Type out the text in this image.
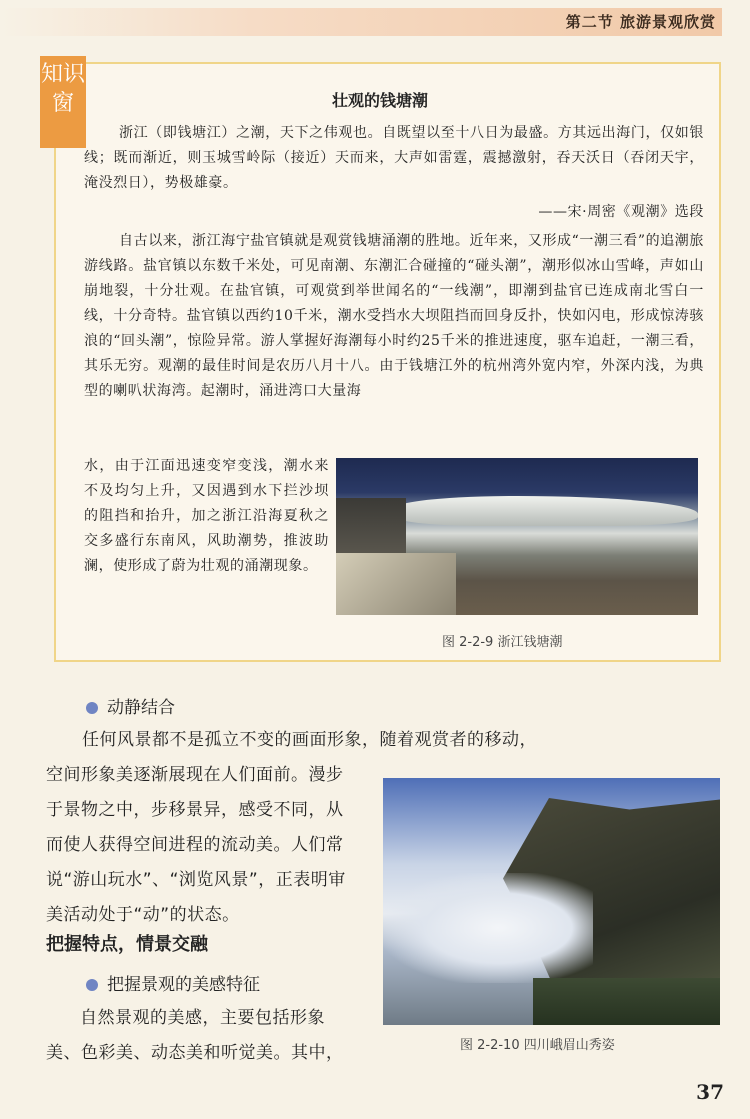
第二节 旅游景观欣赏
知识窗	壮观的钱塘潮
浙江（即钱塘江）之潮，天下之伟观也。自既望以至十八日为最盛。方其远出海门，仅如银线；既而渐近，则玉城雪岭际（接近）天而来，大声如雷霆，震撼激射，吞天沃日（吞闭天宇，淹没烈日），势极雄豪。
——宋·周密《观潮》选段
自古以来，浙江海宁盐官镇就是观赏钱塘涌潮的胜地。近年来，又形成“一潮三看”的追潮旅游线路。盐官镇以东数千米处，可见南潮、东潮汇合碰撞的“碰头潮”，潮形似冰山雪峰，声如山崩地裂，十分壮观。在盐官镇，可观赏到举世闻名的“一线潮”，即潮到盐官已连成南北雪白一线，十分奇特。盐官镇以西约10千米，潮水受挡水大坝阻挡而回身反扑，快如闪电，形成惊涛骇浪的“回头潮”，惊险异常。游人掌握好海潮每小时约25千米的推进速度，驱车追赶，一潮三看，其乐无穷。观潮的最佳时间是农历八月十八。由于钱塘江外的杭州湾外宽内窄，外深内浅，为典型的喇叭状海湾。起潮时，涌进湾口大量海
水，由于江面迅速变窄变浅，潮水来不及均匀上升，又因遇到水下拦沙坝的阻挡和抬升，加之浙江沿海夏秋之交多盛行东南风，风助潮势，推波助澜，使形成了蔚为壮观的涌潮现象。
图 2-2-9 浙江钱塘潮
动静结合
任何风景都不是孤立不变的画面形象，随着观赏者的移动，
空间形象美逐渐展现在人们面前。漫步于景物之中，步移景异，感受不同，从而使人获得空间进程的流动美。人们常说“游山玩水”、“浏览风景”，正表明审美活动处于“动”的状态。
图 2-2-10 四川峨眉山秀姿
把握特点，情景交融
把握景观的美感特征
自然景观的美感，主要包括形象
美、色彩美、动态美和听觉美。其中，
37
